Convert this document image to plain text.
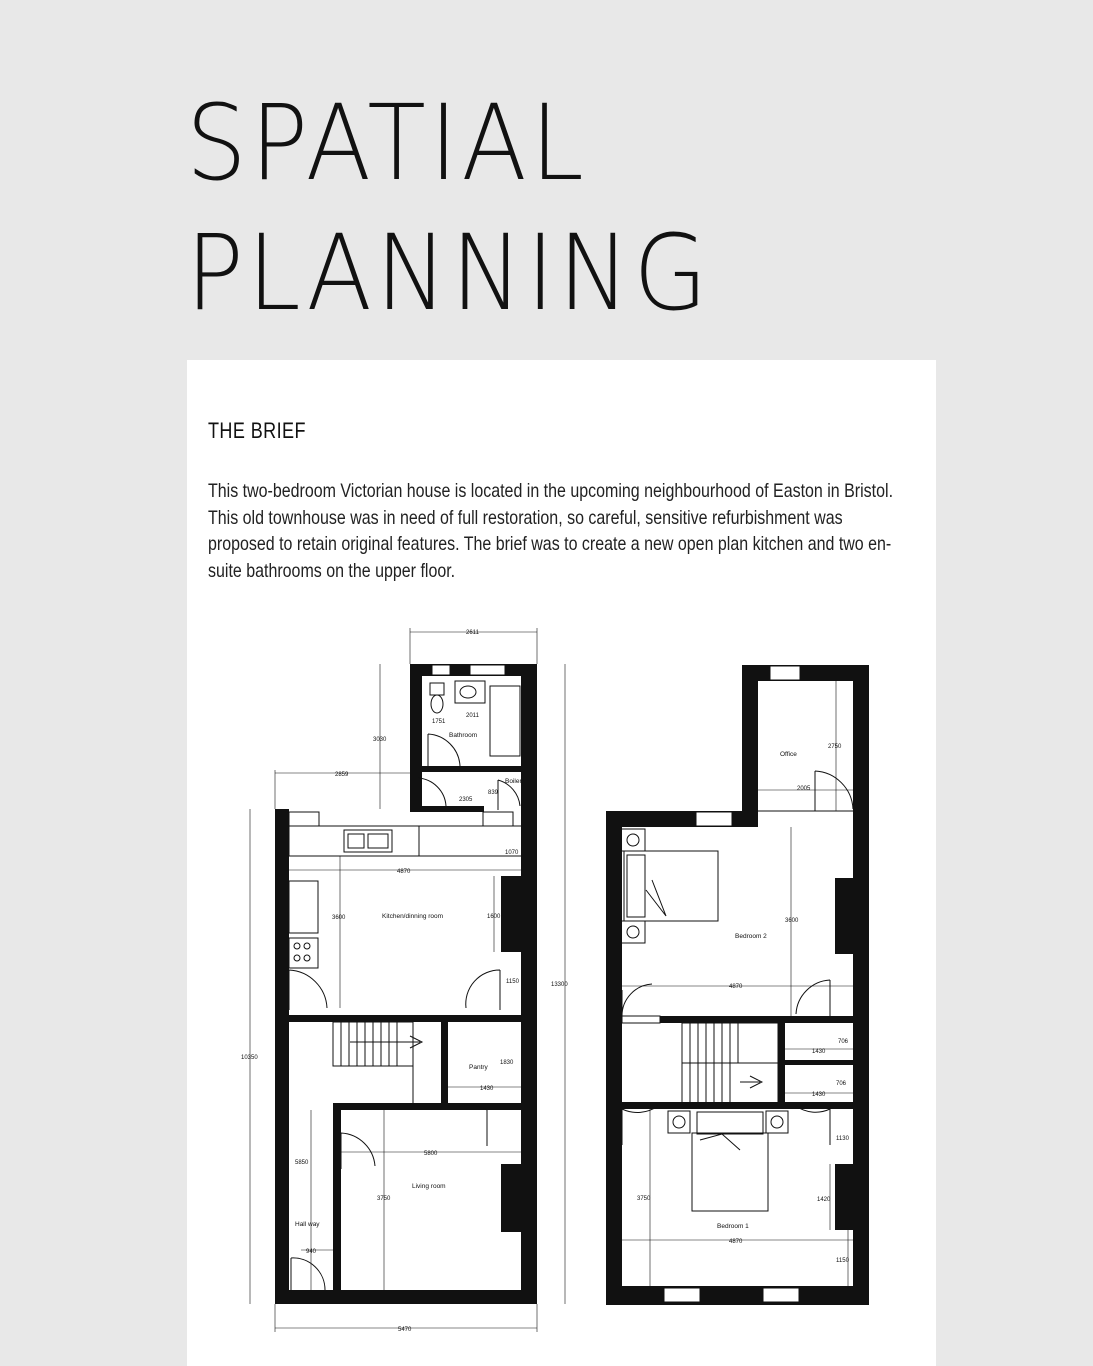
SPATIAL
PLANNING
THE BRIEF

This two-bedroom Victorian house is located in the upcoming neighbourhood of Easton in Bristol. This old townhouse was in need of full restoration, so careful, sensitive refurbishment was proposed to retain original features. The brief was to create a new open plan kitchen and two en-suite bathrooms on the upper floor.

Bathroom
Boiler
Kitchen/dinning room
Pantry
Living room
Hall way
2611
1751
2011
3030
2859
2305
839
1070
4870
3600	1600
1150	13300
10350
1830
1430
5800
5850
3750
940
5470
Office
Bedroom 2
Bedroom 1
2750
2005
3600
4870
706
1430
706
1430
1130
3750	1420
4870
1150
